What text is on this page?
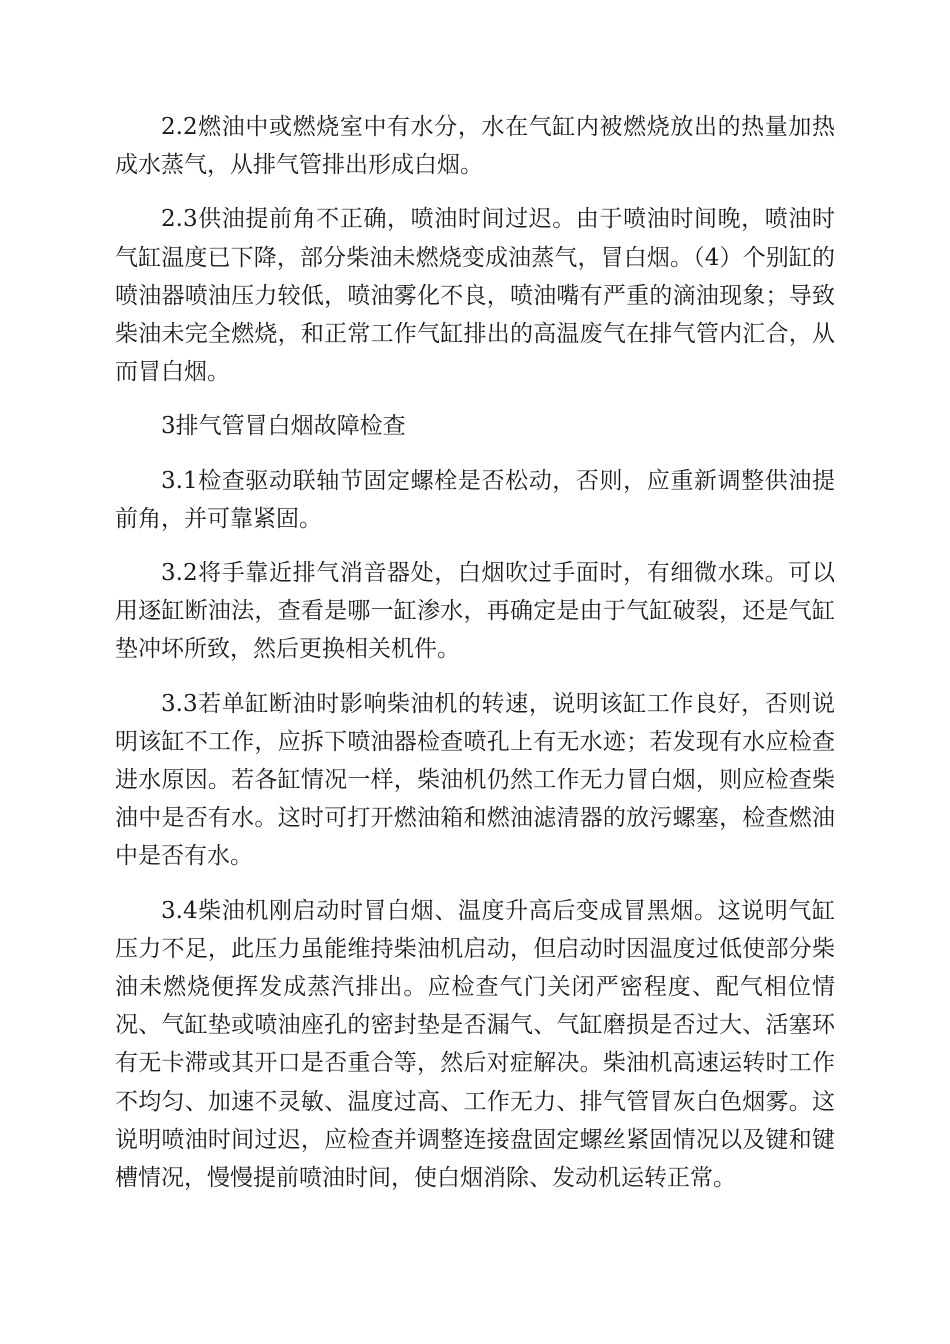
2.2燃油中或燃烧室中有水分，水在气缸内被燃烧放出的热量加热成水蒸气，从排气管排出形成白烟。

2.3供油提前角不正确，喷油时间过迟。由于喷油时间晚，喷油时气缸温度已下降，部分柴油未燃烧变成油蒸气，冒白烟。（4）个别缸的喷油器喷油压力较低，喷油雾化不良，喷油嘴有严重的滴油现象；导致柴油未完全燃烧，和正常工作气缸排出的高温废气在排气管内汇合，从而冒白烟。

3排气管冒白烟故障检查

3.1检查驱动联轴节固定螺栓是否松动，否则，应重新调整供油提前角，并可靠紧固。

3.2将手靠近排气消音器处，白烟吹过手面时，有细微水珠。可以用逐缸断油法，查看是哪一缸渗水，再确定是由于气缸破裂，还是气缸垫冲坏所致，然后更换相关机件。

3.3若单缸断油时影响柴油机的转速，说明该缸工作良好，否则说明该缸不工作，应拆下喷油器检查喷孔上有无水迹；若发现有水应检查进水原因。若各缸情况一样，柴油机仍然工作无力冒白烟，则应检查柴油中是否有水。这时可打开燃油箱和燃油滤清器的放污螺塞，检查燃油中是否有水。

3.4柴油机刚启动时冒白烟、温度升高后变成冒黑烟。这说明气缸压力不足，此压力虽能维持柴油机启动，但启动时因温度过低使部分柴油未燃烧便挥发成蒸汽排出。应检查气门关闭严密程度、配气相位情况、气缸垫或喷油座孔的密封垫是否漏气、气缸磨损是否过大、活塞环有无卡滞或其开口是否重合等，然后对症解决。柴油机高速运转时工作不均匀、加速不灵敏、温度过高、工作无力、排气管冒灰白色烟雾。这说明喷油时间过迟，应检查并调整连接盘固定螺丝紧固情况以及键和键槽情况，慢慢提前喷油时间，使白烟消除、发动机运转正常。
